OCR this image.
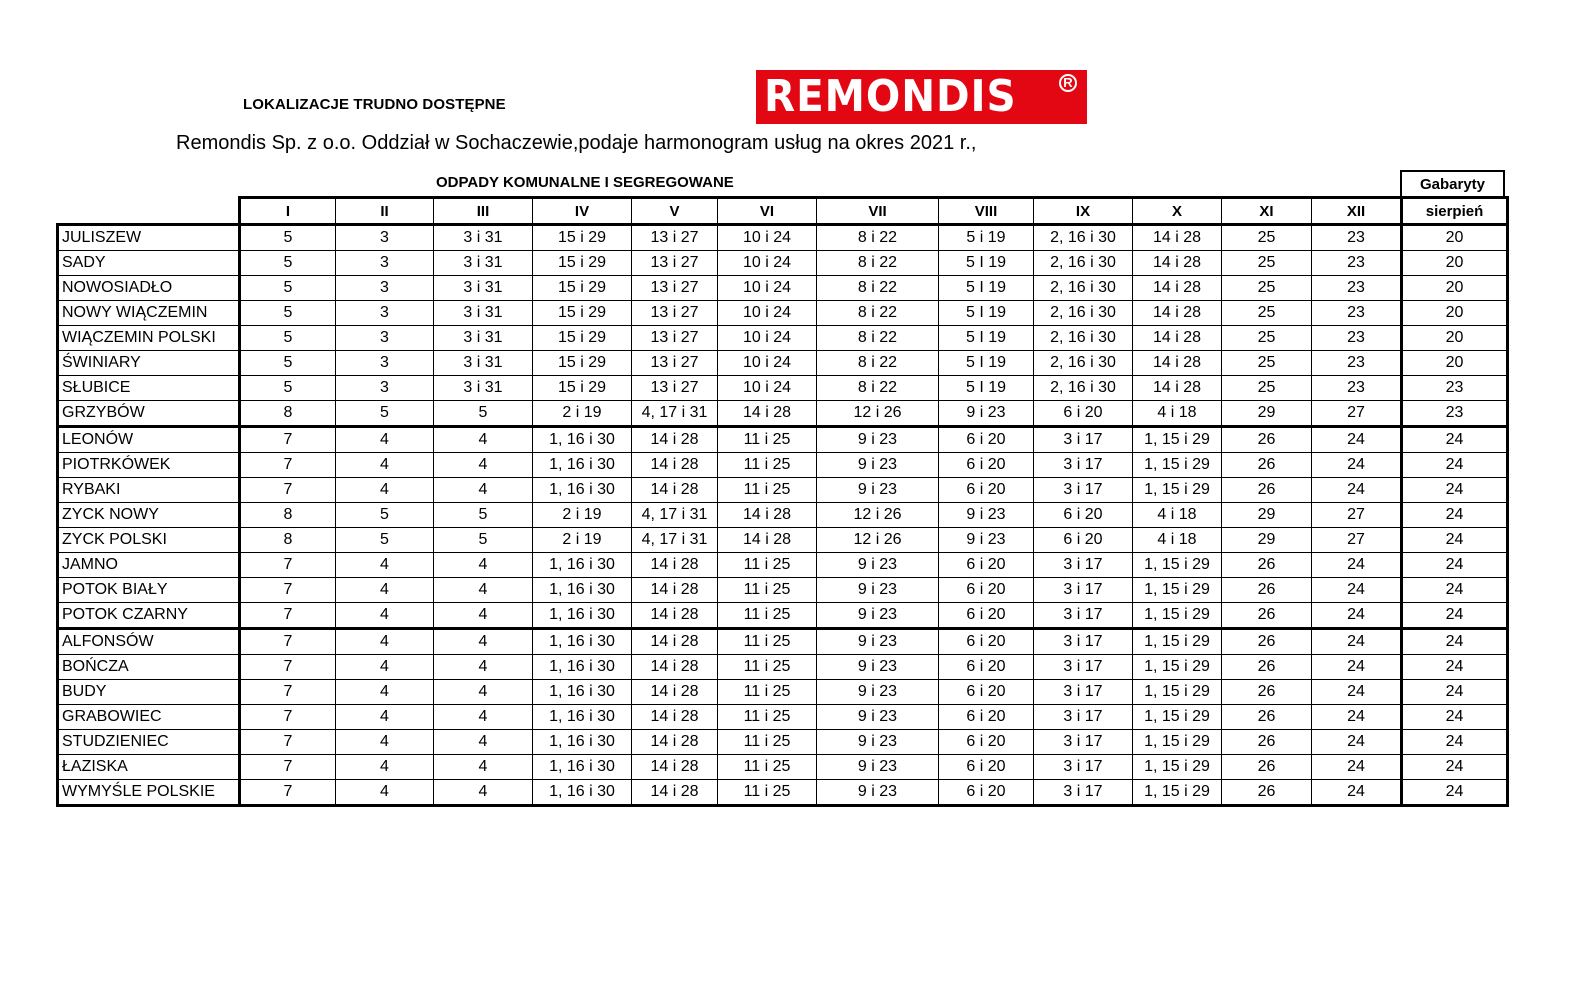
LOKALIZACJE TRUDNO DOSTĘPNE	REMONDIS	R
Remondis Sp. z o.o. Oddział w Sochaczewie,podaje harmonogram usług na okres 2021 r.,
ODPADY KOMUNALNE I SEGREGOWANE	Gabaryty
	I	II	III	IV	V	VI	VII	VIII	IX	X	XI	XII	sierpień
JULISZEW	5	3	3 i 31	15 i 29	13 i 27	10 i 24	8 i 22	5 i 19	2, 16 i 30	14 i 28	25	23	20
SADY	5	3	3 i 31	15 i 29	13 i 27	10 i 24	8 i 22	5 I 19	2, 16 i 30	14 i 28	25	23	20
NOWOSIADŁO	5	3	3 i 31	15 i 29	13 i 27	10 i 24	8 i 22	5 I 19	2, 16 i 30	14 i 28	25	23	20
NOWY WIĄCZEMIN	5	3	3 i 31	15 i 29	13 i 27	10 i 24	8 i 22	5 I 19	2, 16 i 30	14 i 28	25	23	20
WIĄCZEMIN POLSKI	5	3	3 i 31	15 i 29	13 i 27	10 i 24	8 i 22	5 I 19	2, 16 i 30	14 i 28	25	23	20
ŚWINIARY	5	3	3 i 31	15 i 29	13 i 27	10 i 24	8 i 22	5 I 19	2, 16 i 30	14 i 28	25	23	20
SŁUBICE	5	3	3 i 31	15 i 29	13 i 27	10 i 24	8 i 22	5 I 19	2, 16 i 30	14 i 28	25	23	23
GRZYBÓW	8	5	5	2 i 19	4, 17 i 31	14 i 28	12 i 26	9 i 23	6 i 20	4 i 18	29	27	23
LEONÓW	7	4	4	1, 16 i 30	14 i 28	11 i 25	9 i 23	6 i 20	3 i 17	1, 15 i 29	26	24	24
PIOTRKÓWEK	7	4	4	1, 16 i 30	14 i 28	11 i 25	9 i 23	6 i 20	3 i 17	1, 15 i 29	26	24	24
RYBAKI	7	4	4	1, 16 i 30	14 i 28	11 i 25	9 i 23	6 i 20	3 i 17	1, 15 i 29	26	24	24
ZYCK NOWY	8	5	5	2 i 19	4, 17 i 31	14 i 28	12 i 26	9 i 23	6 i 20	4 i 18	29	27	24
ZYCK POLSKI	8	5	5	2 i 19	4, 17 i 31	14 i 28	12 i 26	9 i 23	6 i 20	4 i 18	29	27	24
JAMNO	7	4	4	1, 16 i 30	14 i 28	11 i 25	9 i 23	6 i 20	3 i 17	1, 15 i 29	26	24	24
POTOK BIAŁY	7	4	4	1, 16 i 30	14 i 28	11 i 25	9 i 23	6 i 20	3 i 17	1, 15 i 29	26	24	24
POTOK CZARNY	7	4	4	1, 16 i 30	14 i 28	11 i 25	9 i 23	6 i 20	3 i 17	1, 15 i 29	26	24	24
ALFONSÓW	7	4	4	1, 16 i 30	14 i 28	11 i 25	9 i 23	6 i 20	3 i 17	1, 15 i 29	26	24	24
BOŃCZA	7	4	4	1, 16 i 30	14 i 28	11 i 25	9 i 23	6 i 20	3 i 17	1, 15 i 29	26	24	24
BUDY	7	4	4	1, 16 i 30	14 i 28	11 i 25	9 i 23	6 i 20	3 i 17	1, 15 i 29	26	24	24
GRABOWIEC	7	4	4	1, 16 i 30	14 i 28	11 i 25	9 i 23	6 i 20	3 i 17	1, 15 i 29	26	24	24
STUDZIENIEC	7	4	4	1, 16 i 30	14 i 28	11 i 25	9 i 23	6 i 20	3 i 17	1, 15 i 29	26	24	24
ŁAZISKA	7	4	4	1, 16 i 30	14 i 28	11 i 25	9 i 23	6 i 20	3 i 17	1, 15 i 29	26	24	24
WYMYŚLE POLSKIE	7	4	4	1, 16 i 30	14 i 28	11 i 25	9 i 23	6 i 20	3 i 17	1, 15 i 29	26	24	24
